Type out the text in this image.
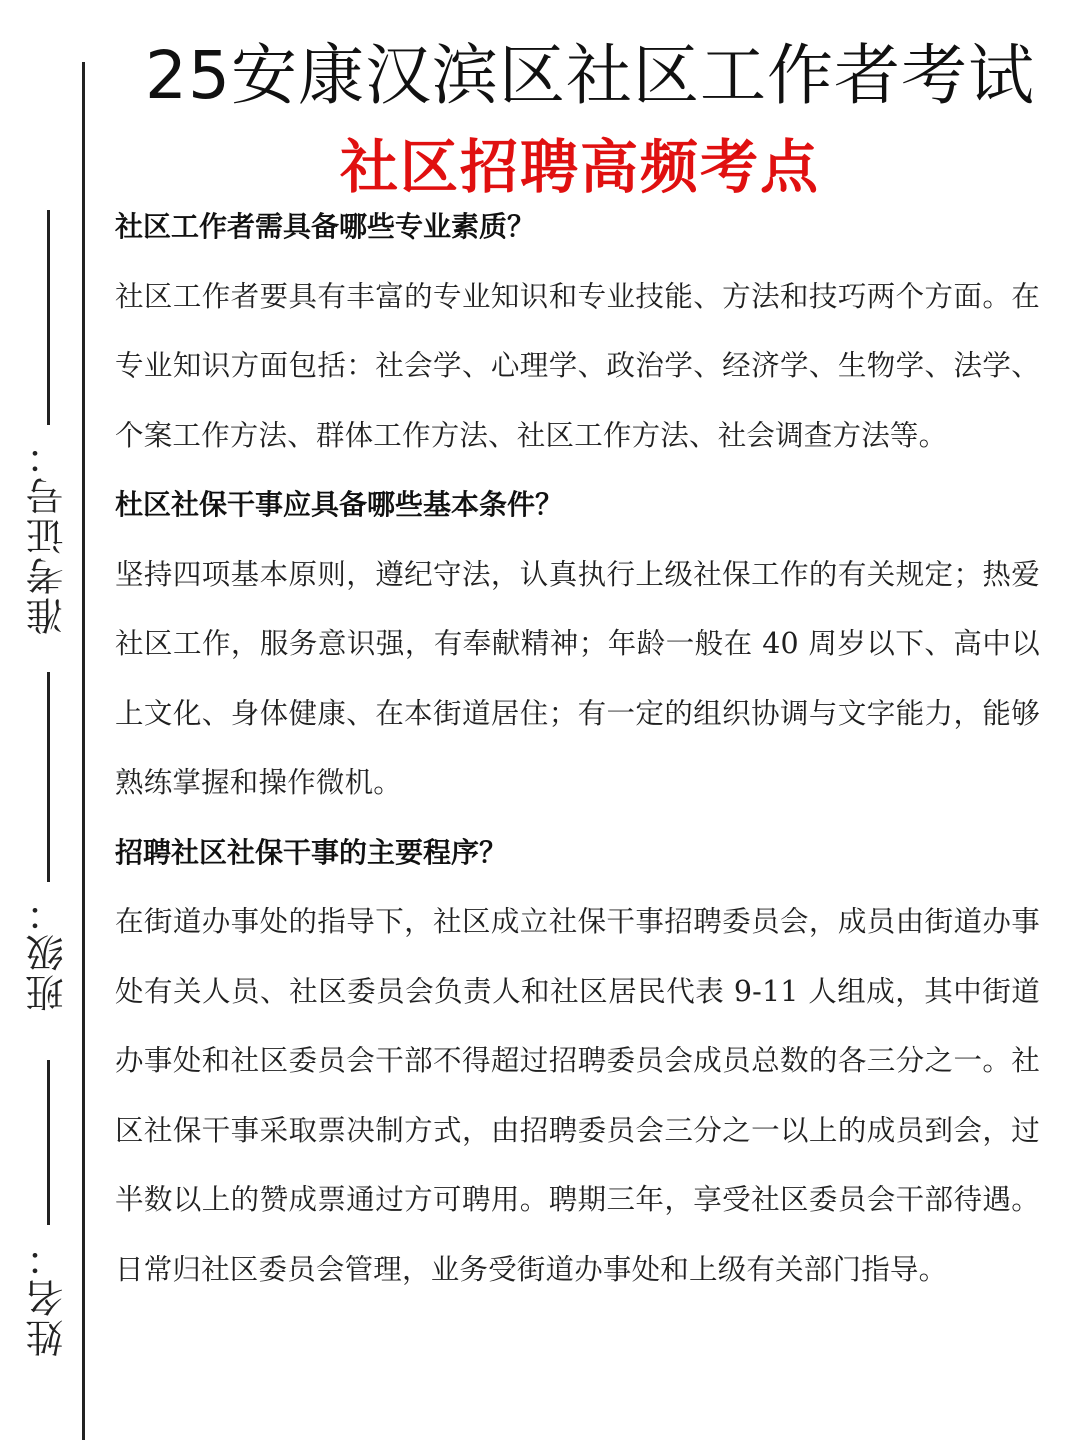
准考证号：
班级：
姓名：
25安康汉滨区社区工作者考试
社区招聘高频考点

社区工作者需具备哪些专业素质？

社区工作者要具有丰富的专业知识和专业技能、方法和技巧两个方面。在专业知识方面包括：社会学、心理学、政治学、经济学、生物学、法学、个案工作方法、群体工作方法、社区工作方法、社会调查方法等。

杜区社保干事应具备哪些基本条件？

坚持四项基本原则，遵纪守法，认真执行上级社保工作的有关规定；热爱社区工作，服务意识强，有奉献精神；年龄一般在 40 周岁以下、高中以上文化、身体健康、在本街道居住；有一定的组织协调与文字能力，能够熟练掌握和操作微机。

招聘社区社保干事的主要程序？

在街道办事处的指导下，社区成立社保干事招聘委员会，成员由街道办事处有关人员、社区委员会负责人和社区居民代表 9-11 人组成，其中街道办事处和社区委员会干部不得超过招聘委员会成员总数的各三分之一。社区社保干事采取票决制方式，由招聘委员会三分之一以上的成员到会，过半数以上的赞成票通过方可聘用。聘期三年，享受社区委员会干部待遇。日常归社区委员会管理，业务受街道办事处和上级有关部门指导。
